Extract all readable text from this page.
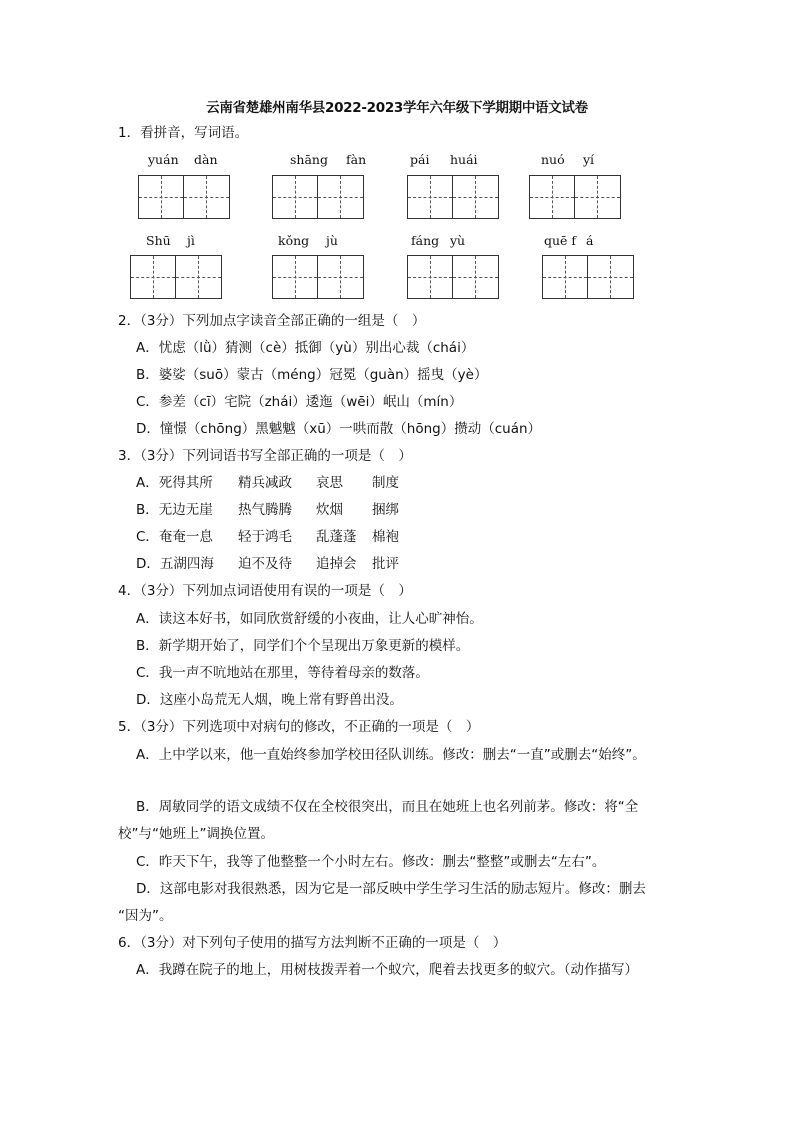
云南省楚雄州南华县2022-2023学年六年级下学期期中语文试卷
1．看拼音，写词语。
yuán dàn	shāng fàn	pái huái	nuó yí
Shū jì	kǒng jù	fáng yù	quē f á
2．（3分）下列加点字读音全部正确的一组是（　）
A．忧虑（lǜ）猜测（cè）抵御（yù）别出心裁（chái）
B．婆娑（suō）蒙古（méng）冠冕（guàn）摇曳（yè）
C．参差（cī）宅院（zhái）逶迤（wēi）岷山（mín）
D．憧憬（chōng）黑魆魆（xū）一哄而散（hōng）攒动（cuán）
3．（3分）下列词语书写全部正确的一项是（　）
A．死得其所 精兵减政 哀思 制度
B．无边无崖 热气腾腾 炊烟 捆绑
C．奄奄一息 轻于鸿毛 乱蓬蓬 棉袍
D．五湖四海 迫不及待 追掉会 批评
4．（3分）下列加点词语使用有误的一项是（　）
A．读这本好书，如同欣赏舒缓的小夜曲，让人心旷神怡。
B．新学期开始了，同学们个个呈现出万象更新的模样。
C．我一声不吭地站在那里，等待着母亲的数落。
D．这座小岛荒无人烟，晚上常有野兽出没。
5．（3分）下列选项中对病句的修改，不正确的一项是（　）
A．上中学以来，他一直始终参加学校田径队训练。修改：删去“一直”或删去“始终”。
B．周敏同学的语文成绩不仅在全校很突出，而且在她班上也名列前茅。修改：将“全
校”与“她班上”调换位置。
C．昨天下午，我等了他整整一个小时左右。修改：删去“整整”或删去“左右”。
D．这部电影对我很熟悉，因为它是一部反映中学生学习生活的励志短片。修改：删去
“因为”。
6．（3分）对下列句子使用的描写方法判断不正确的一项是（　）
A．我蹲在院子的地上，用树枝拨弄着一个蚁穴，爬着去找更多的蚁穴。（动作描写）
